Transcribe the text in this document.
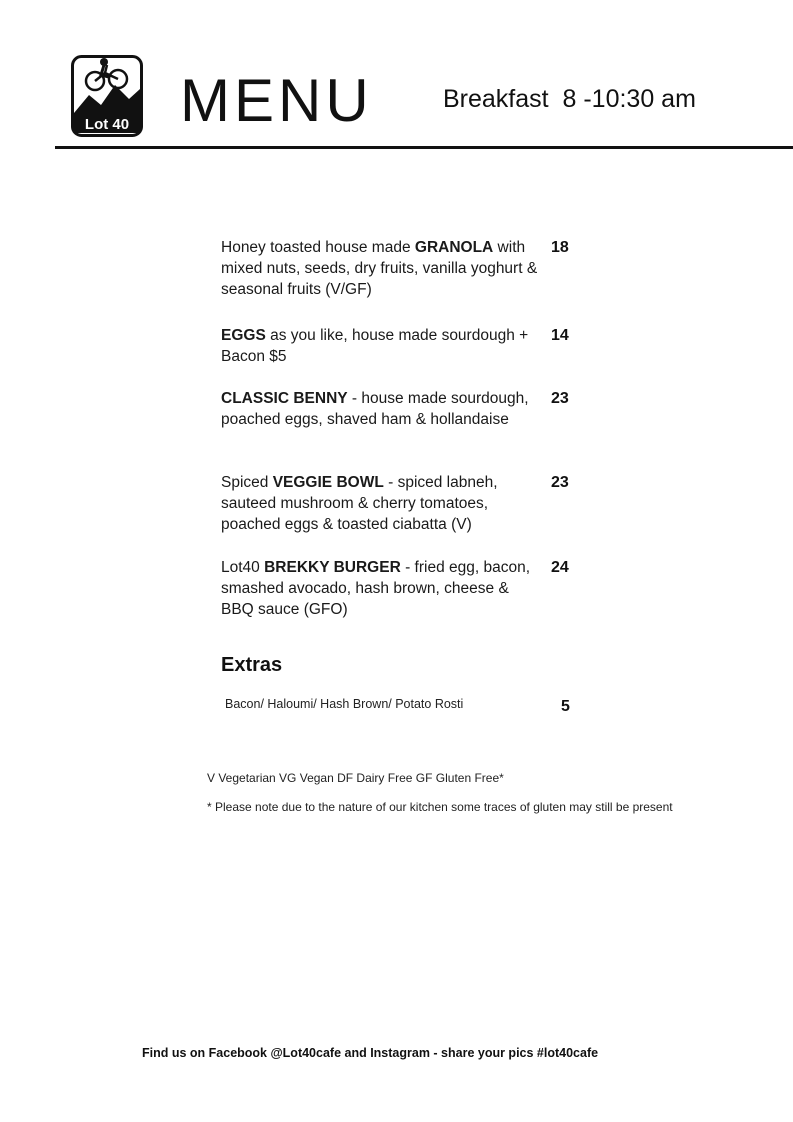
Lot 40 MENU	Breakfast  8 -10:30 am
Honey toasted house made GRANOLA with mixed nuts, seeds, dry fruits, vanilla yoghurt & seasonal fruits (V/GF)
18
EGGS as you like, house made sourdough + Bacon $5
14
CLASSIC BENNY - house made sourdough, poached eggs, shaved ham & hollandaise
23
Spiced VEGGIE BOWL - spiced labneh, sauteed mushroom & cherry tomatoes, poached eggs & toasted ciabatta (V)
23
Lot40 BREKKY BURGER - fried egg, bacon, smashed avocado, hash brown, cheese & BBQ sauce (GFO)
24
Extras
Bacon/ Haloumi/ Hash Brown/ Potato Rosti	5
V Vegetarian VG Vegan DF Dairy Free GF Gluten Free*
* Please note due to the nature of our kitchen some traces of gluten may still be present
Find us on Facebook @Lot40cafe and Instagram - share your pics #lot40cafe
